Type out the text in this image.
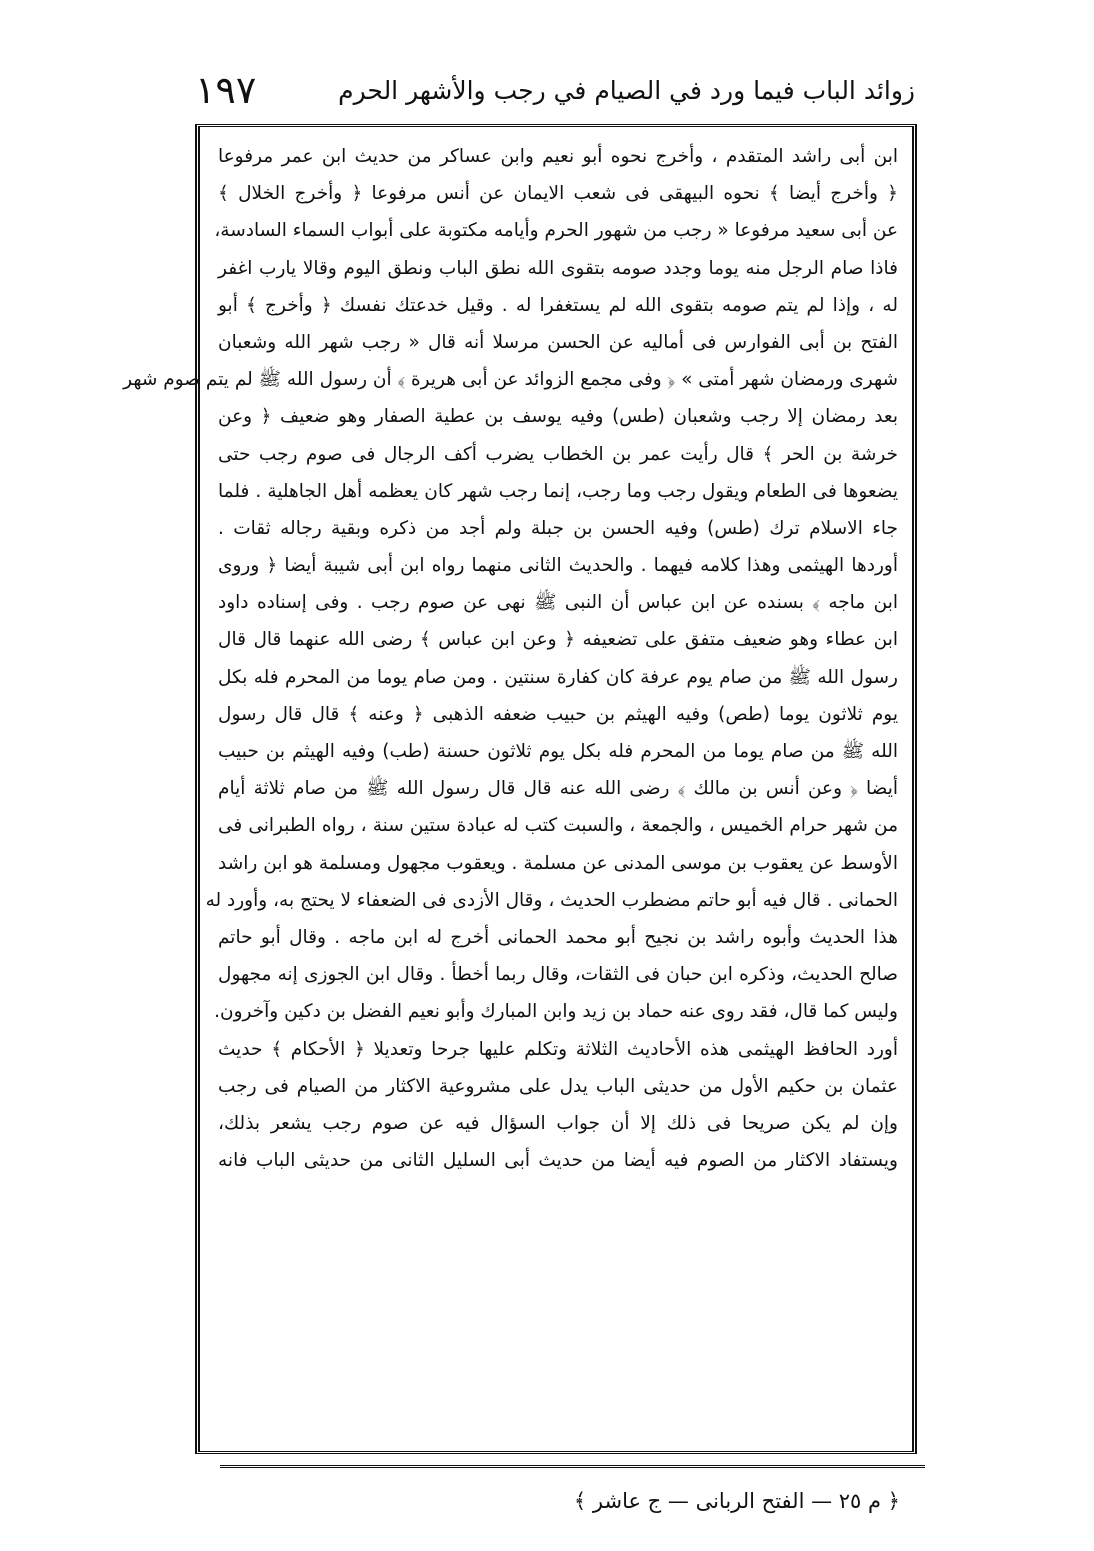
زوائد الباب فيما ورد في الصيام في رجب والأشهر الحرم
١٩٧
ابن أبى راشد المتقدم ، وأخرج نحوه أبو نعيم وابن عساكر من حديث ابن عمر مرفوعا
﴿ وأخرج أيضا ﴾ نحوه البيهقى فى شعب الايمان عن أنس مرفوعا ﴿ وأخرج الخلال ﴾
عن أبى سعيد مرفوعا « رجب من شهور الحرم وأيامه مكتوبة على أبواب السماء السادسة،
فاذا صام الرجل منه يوما وجدد صومه بتقوى الله نطق الباب ونطق اليوم وقالا يارب اغفر
له ، وإذا لم يتم صومه بتقوى الله لم يستغفرا له . وقيل خدعتك نفسك ﴿ وأخرج ﴾ أبو
الفتح بن أبى الفوارس فى أماليه عن الحسن مرسلا أنه قال « رجب شهر الله وشعبان
شهرى ورمضان شهر أمتى » ﴿ وفى مجمع الزوائد عن أبى هريرة ﴾ أن رسول الله ﷺ لم يتم صوم شهر
بعد رمضان إلا رجب وشعبان (طس) وفيه يوسف بن عطية الصفار وهو ضعيف ﴿ وعن
خرشة بن الحر ﴾ قال رأيت عمر بن الخطاب يضرب أكف الرجال فى صوم رجب حتى
يضعوها فى الطعام ويقول رجب وما رجب، إنما رجب شهر كان يعظمه أهل الجاهلية . فلما
جاء الاسلام ترك (طس) وفيه الحسن بن جبلة ولم أجد من ذكره وبقية رجاله ثقات .
أوردها الهيثمى وهذا كلامه فيهما . والحديث الثانى منهما رواه ابن أبى شيبة أيضا ﴿ وروى
ابن ماجه ﴾ بسنده عن ابن عباس أن النبى ﷺ نهى عن صوم رجب . وفى إسناده داود
ابن عطاء وهو ضعيف متفق على تضعيفه ﴿ وعن ابن عباس ﴾ رضى الله عنهما قال قال
رسول الله ﷺ من صام يوم عرفة كان كفارة سنتين . ومن صام يوما من المحرم فله بكل
يوم ثلاثون يوما (طص) وفيه الهيثم بن حبيب ضعفه الذهبى ﴿ وعنه ﴾ قال قال رسول
الله ﷺ من صام يوما من المحرم فله بكل يوم ثلاثون حسنة (طب) وفيه الهيثم بن حبيب
أيضا ﴿ وعن أنس بن مالك ﴾ رضى الله عنه قال قال رسول الله ﷺ من صام ثلاثة أيام
من شهر حرام الخميس ، والجمعة ، والسبت كتب له عبادة ستين سنة ، رواه الطبرانى فى
الأوسط عن يعقوب بن موسى المدنى عن مسلمة . ويعقوب مجهول ومسلمة هو ابن راشد
الحمانى . قال فيه أبو حاتم مضطرب الحديث ، وقال الأزدى فى الضعفاء لا يحتج به، وأورد له
هذا الحديث وأبوه راشد بن نجيح أبو محمد الحمانى أخرج له ابن ماجه . وقال أبو حاتم
صالح الحديث، وذكره ابن حبان فى الثقات، وقال ربما أخطأ . وقال ابن الجوزى إنه مجهول
وليس كما قال، فقد روى عنه حماد بن زيد وابن المبارك وأبو نعيم الفضل بن دكين وآخرون.
أورد الحافظ الهيثمى هذه الأحاديث الثلاثة وتكلم عليها جرحا وتعديلا ﴿ الأحكام ﴾ حديث
عثمان بن حكيم الأول من حديثى الباب يدل على مشروعية الاكثار من الصيام فى رجب
وإن لم يكن صريحا فى ذلك إلا أن جواب السؤال فيه عن صوم رجب يشعر بذلك،
ويستفاد الاكثار من الصوم فيه أيضا من حديث أبى السليل الثانى من حديثى الباب فانه
﴿ م ٢٥ — الفتح الربانى — ج عاشر ﴾
